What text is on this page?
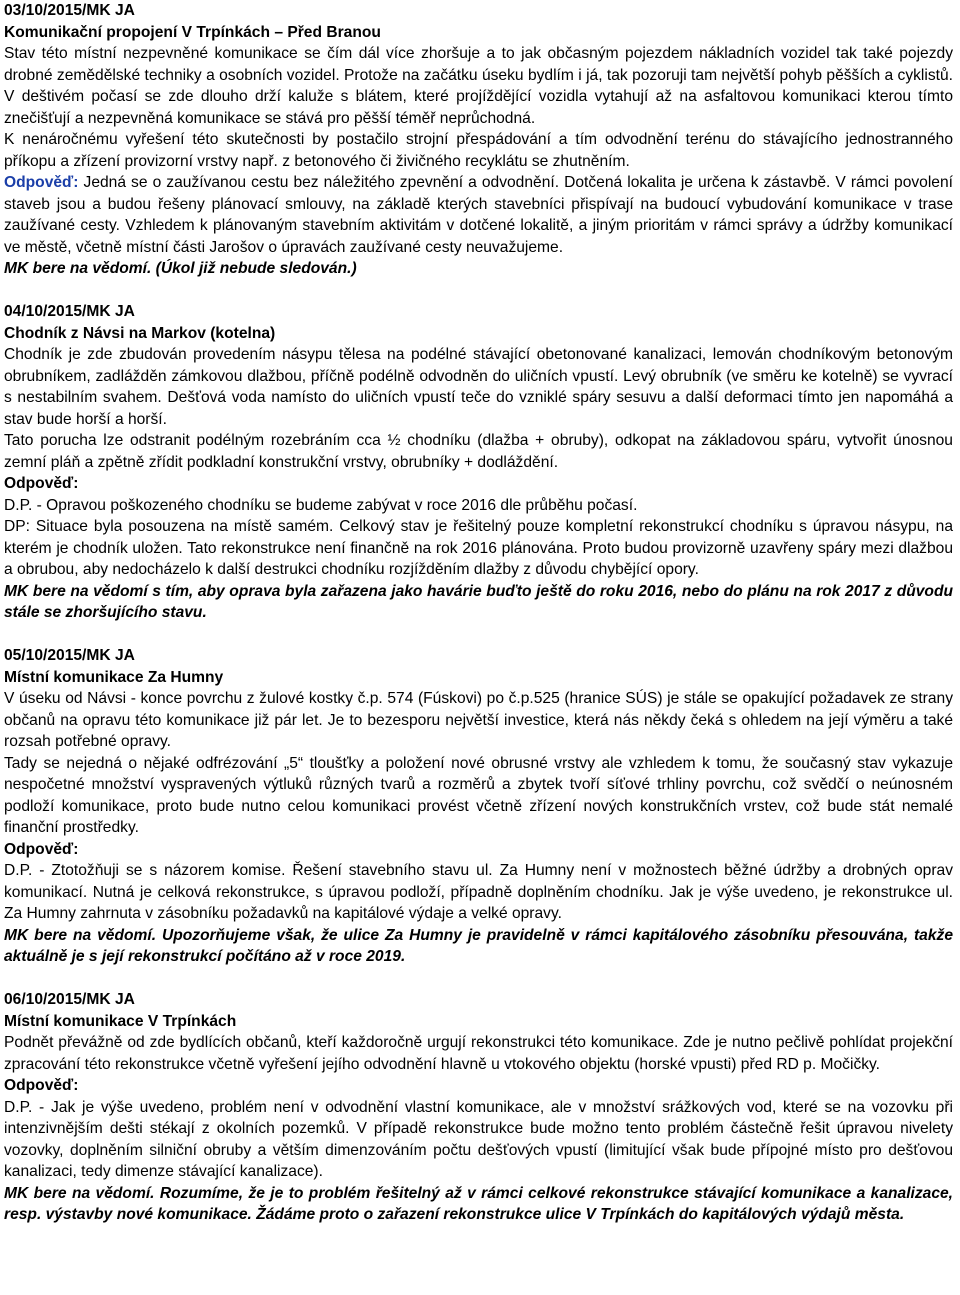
03/10/2015/MK JA
Komunikační propojení V Trpínkách – Před Branou

Stav této místní nezpevněné komunikace se čím dál více zhoršuje a to jak občasným pojezdem nákladních vozidel tak také pojezdy drobné zemědělské techniky a osobních vozidel. Protože na začátku úseku bydlím i já, tak pozoruji tam největší pohyb pěšších a cyklistů. V deštivém počasí se zde dlouho drží kaluže s blátem, které projíždějící vozidla vytahují až na asfaltovou komunikaci kterou tímto znečišťují a nezpevněná komunikace se stává pro pěšší téměř neprůchodná.

K nenáročnému vyřešení této skutečnosti by postačilo strojní přespádování a tím odvodnění terénu do stávajícího jednostranného příkopu a zřízení provizorní vrstvy např. z betonového či živičného recyklátu se zhutněním.

Odpověď: Jedná se o zaužívanou cestu bez náležitého zpevnění a odvodnění. Dotčená lokalita je určena k zástavbě. V rámci povolení staveb jsou a budou řešeny plánovací smlouvy, na základě kterých stavebníci přispívají na budoucí vybudování komunikace v trase zaužívané cesty. Vzhledem k plánovaným stavebním aktivitám v dotčené lokalitě, a jiným prioritám v rámci správy a údržby komunikací ve městě, včetně místní části Jarošov o úpravách zaužívané cesty neuvažujeme.

MK bere na vědomí. (Úkol již nebude sledován.)

04/10/2015/MK JA
Chodník z Návsi na Markov (kotelna)

Chodník je zde zbudován provedením násypu tělesa na podélné stávající obetonované kanalizaci, lemován chodníkovým betonovým obrubníkem, zadlážděn zámkovou dlažbou, příčně podélně odvodněn do uličních vpustí. Levý obrubník (ve směru ke kotelně) se vyvrací s nestabilním svahem. Dešťová voda namísto do uličních vpustí teče do vzniklé spáry sesuvu a další deformaci tímto jen napomáhá a stav bude horší a horší.

Tato porucha lze odstranit podélným rozebráním cca ½ chodníku (dlažba + obruby), odkopat na základovou spáru, vytvořit únosnou zemní pláň a zpětně zřídit podkladní konstrukční vrstvy, obrubníky + dodláždění.

Odpověď:

D.P. - Opravou poškozeného chodníku se budeme zabývat v roce 2016 dle průběhu počasí.

DP: Situace byla posouzena na místě samém. Celkový stav je řešitelný pouze kompletní rekonstrukcí chodníku s úpravou násypu, na kterém je chodník uložen. Tato rekonstrukce není finančně na rok 2016 plánována. Proto budou provizorně uzavřeny spáry mezi dlažbou a obrubou, aby nedocházelo k další destrukci chodníku rozjížděním dlažby z důvodu chybějící opory.

MK bere na vědomí s tím, aby oprava byla zařazena jako havárie buďto ještě do roku 2016, nebo do plánu na rok 2017 z důvodu stále se zhoršujícího stavu.

05/10/2015/MK JA
Místní komunikace Za Humny

V úseku od Návsi - konce povrchu z žulové kostky č.p. 574 (Fúskovi) po č.p.525 (hranice SÚS) je stále se opakující požadavek ze strany občanů na opravu této komunikace již pár let. Je to bezesporu největší investice, která nás někdy čeká s ohledem na její výměru a také rozsah potřebné opravy.

Tady se nejedná o nějaké odfrézování „5“ tloušťky a položení nové obrusné vrstvy ale vzhledem k tomu, že současný stav vykazuje nespočetné množství vyspravených výtluků různých tvarů a rozměrů a zbytek tvoří síťové trhliny povrchu, což svědčí o neúnosném podloží komunikace, proto bude nutno celou komunikaci provést včetně zřízení nových konstrukčních vrstev, což bude stát nemalé finanční prostředky.

Odpověď:

D.P. - Ztotožňuji se s názorem komise. Řešení stavebního stavu ul. Za Humny není v možnostech běžné údržby a drobných oprav komunikací. Nutná je celková rekonstrukce, s úpravou podloží, případně doplněním chodníku. Jak je výše uvedeno, je rekonstrukce ul. Za Humny zahrnuta v zásobníku požadavků na kapitálové výdaje a velké opravy.

MK bere na vědomí. Upozorňujeme však, že ulice Za Humny je pravidelně v rámci kapitálového zásobníku přesouvána, takže aktuálně je s její rekonstrukcí počítáno až v roce 2019.

06/10/2015/MK JA
Místní komunikace V Trpínkách

Podnět převážně od zde bydlících občanů, kteří každoročně urgují rekonstrukci této komunikace. Zde je nutno pečlivě pohlídat projekční zpracování této rekonstrukce včetně vyřešení jejího odvodnění hlavně u vtokového objektu (horské vpusti) před RD p. Močičky.

Odpověď:

D.P. - Jak je výše uvedeno, problém není v odvodnění vlastní komunikace, ale v množství srážkových vod, které se na vozovku při intenzivnějším dešti stékají z okolních pozemků. V případě rekonstrukce bude možno tento problém částečně řešit úpravou nivelety vozovky, doplněním silniční obruby a větším dimenzováním počtu dešťových vpustí (limitující však bude přípojné místo pro dešťovou kanalizaci, tedy dimenze stávající kanalizace).

MK bere na vědomí. Rozumíme, že je to problém řešitelný až v rámci celkové rekonstrukce stávající komunikace a kanalizace, resp. výstavby nové komunikace. Žádáme proto o zařazení rekonstrukce ulice V Trpínkách do kapitálových výdajů města.
